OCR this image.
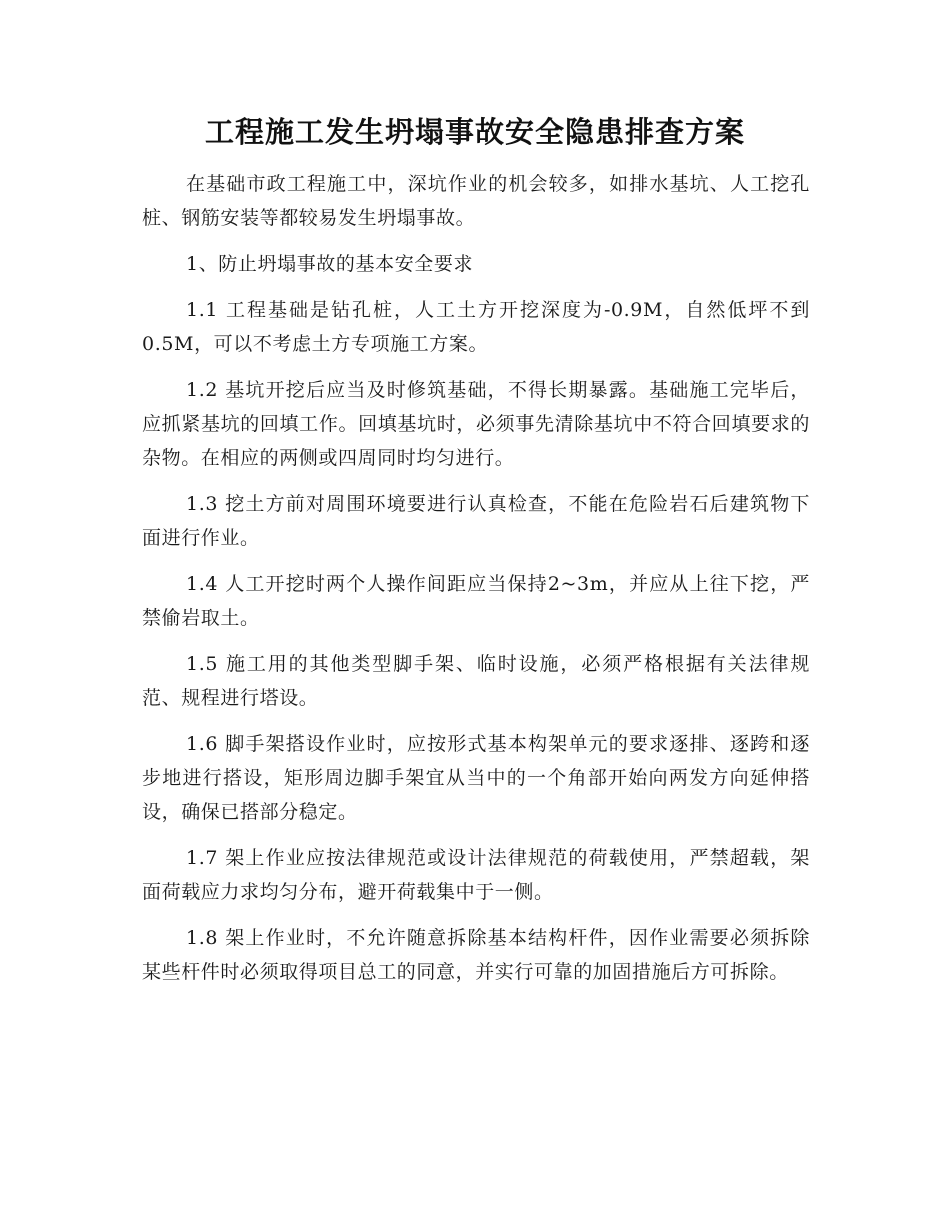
工程施工发生坍塌事故安全隐患排查方案

在基础市政工程施工中，深坑作业的机会较多，如排水基坑、人工挖孔桩、钢筋安装等都较易发生坍塌事故。

1、防止坍塌事故的基本安全要求

1.1 工程基础是钻孔桩，人工土方开挖深度为-0.9M，自然低坪不到0.5M，可以不考虑土方专项施工方案。

1.2 基坑开挖后应当及时修筑基础，不得长期暴露。基础施工完毕后，应抓紧基坑的回填工作。回填基坑时，必须事先清除基坑中不符合回填要求的杂物。在相应的两侧或四周同时均匀进行。

1.3 挖土方前对周围环境要进行认真检查，不能在危险岩石后建筑物下面进行作业。

1.4 人工开挖时两个人操作间距应当保持2~3m，并应从上往下挖，严禁偷岩取土。

1.5 施工用的其他类型脚手架、临时设施，必须严格根据有关法律规范、规程进行塔设。

1.6 脚手架搭设作业时，应按形式基本构架单元的要求逐排、逐跨和逐步地进行搭设，矩形周边脚手架宜从当中的一个角部开始向两发方向延伸搭设，确保已搭部分稳定。

1.7 架上作业应按法律规范或设计法律规范的荷载使用，严禁超载，架面荷载应力求均匀分布，避开荷载集中于一侧。

1.8 架上作业时，不允许随意拆除基本结构杆件，因作业需要必须拆除某些杆件时必须取得项目总工的同意，并实行可靠的加固措施后方可拆除。
